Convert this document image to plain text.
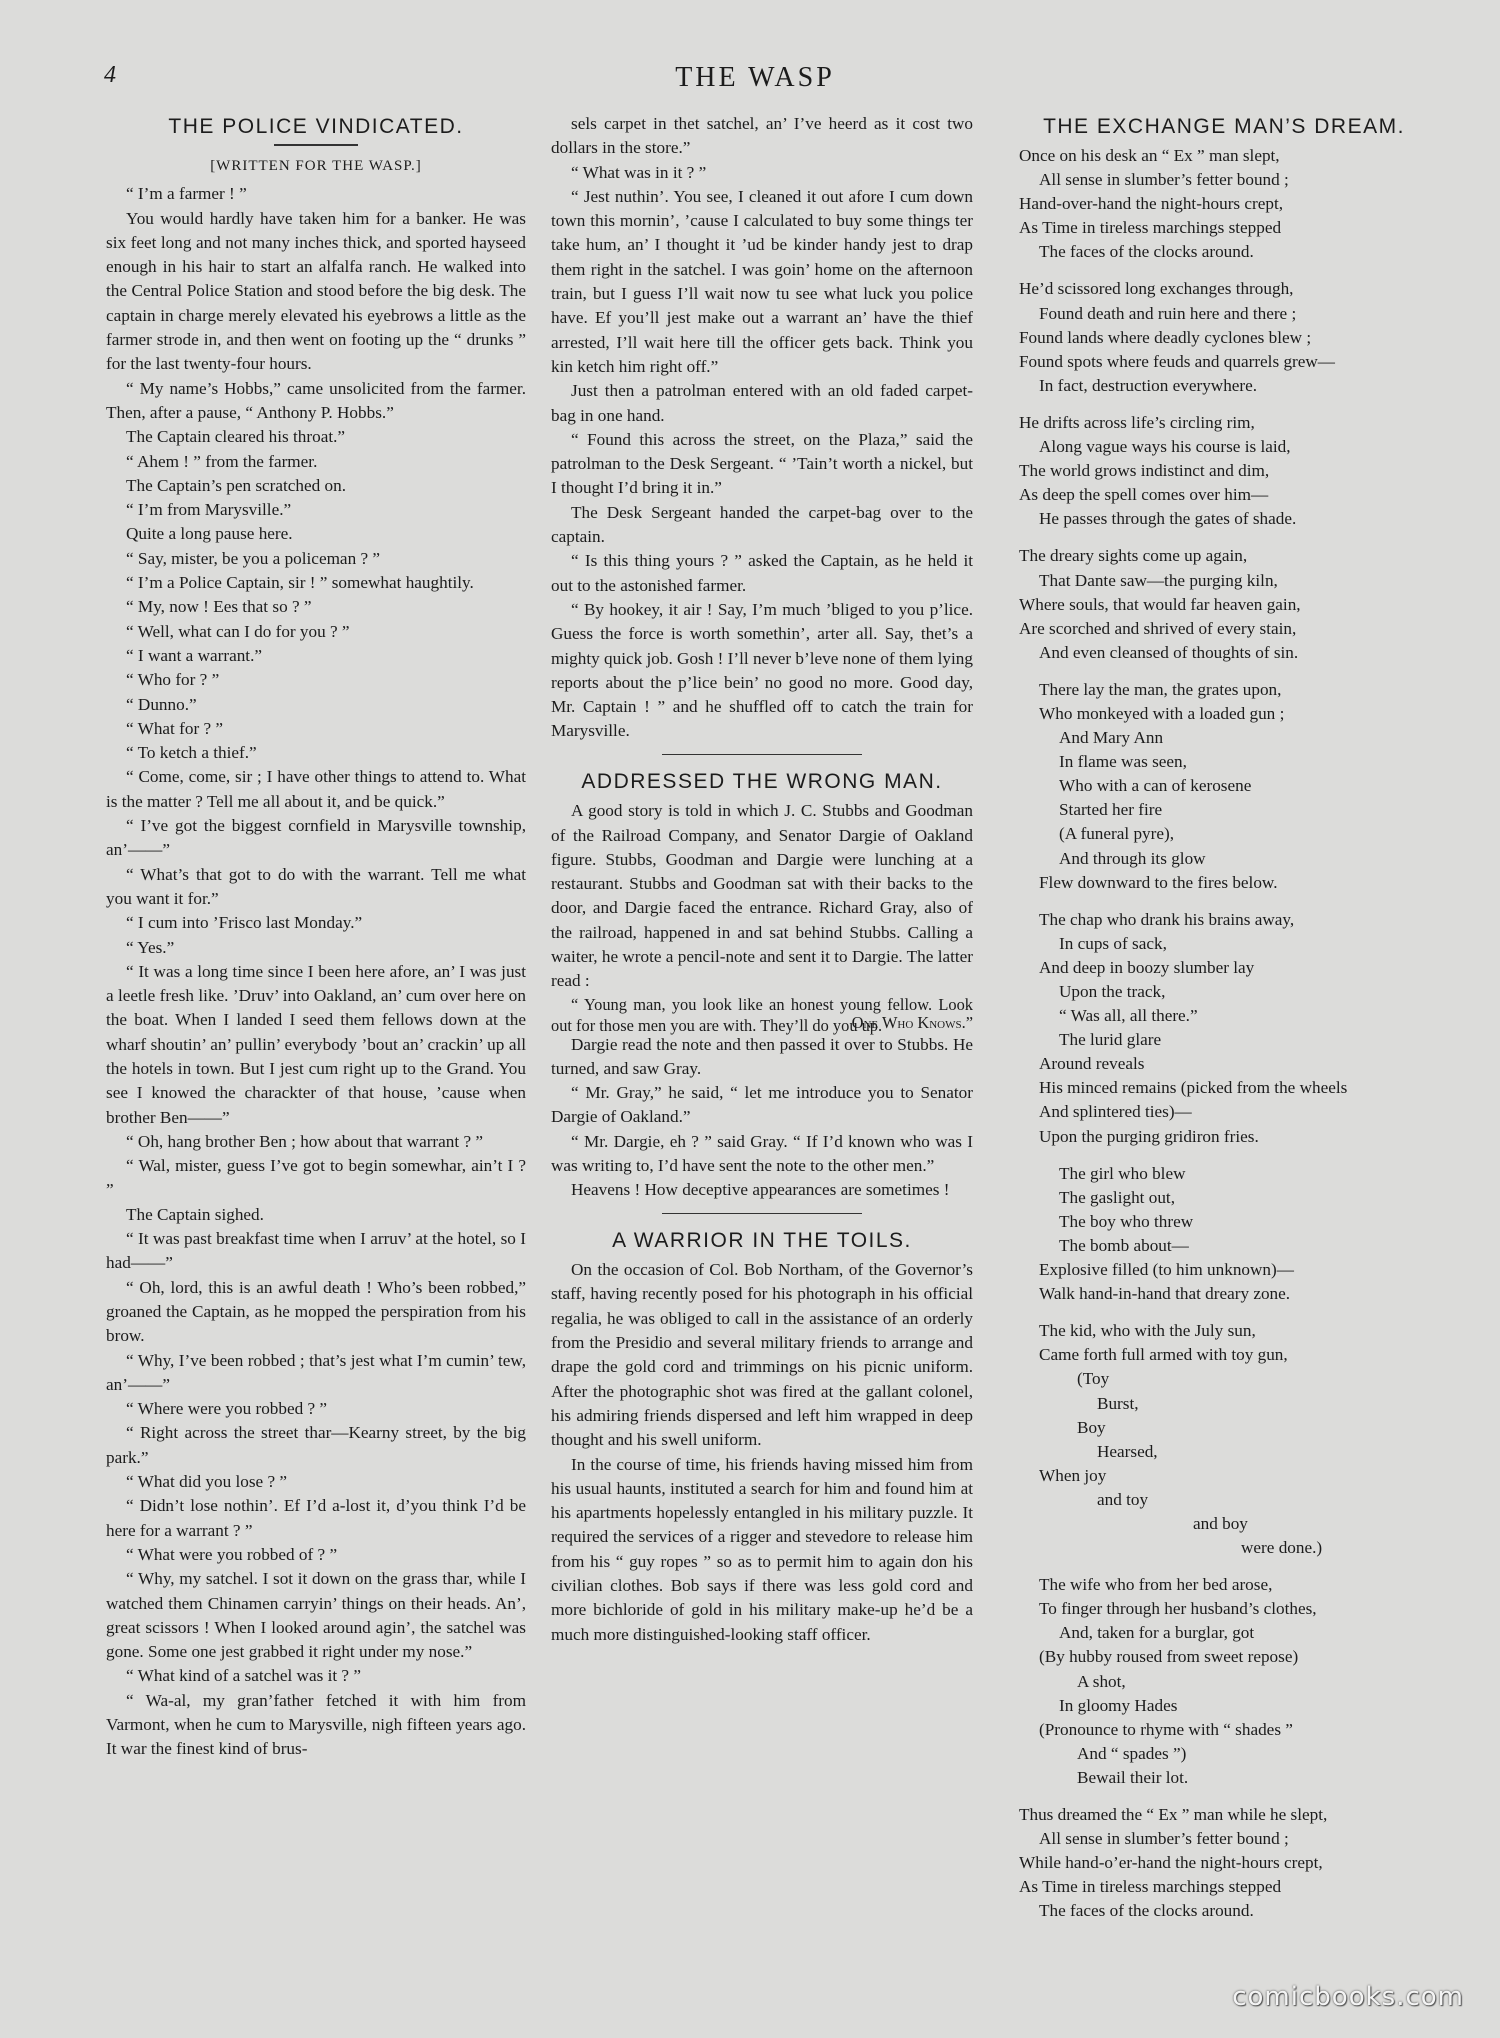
4	THE WASP
THE POLICE VINDICATED.
[WRITTEN FOR THE WASP.]

“ I’m a farmer ! ”

You would hardly have taken him for a banker. He was six feet long and not many inches thick, and sported hayseed enough in his hair to start an alfalfa ranch. He walked into the Central Police Station and stood before the big desk. The captain in charge merely elevated his eyebrows a little as the farmer strode in, and then went on footing up the “ drunks ” for the last twenty-four hours.

“ My name’s Hobbs,” came unsolicited from the farmer. Then, after a pause, “ Anthony P. Hobbs.”

The Captain cleared his throat.”

“ Ahem ! ” from the farmer.

The Captain’s pen scratched on.

“ I’m from Marysville.”

Quite a long pause here.

“ Say, mister, be you a policeman ? ”

“ I’m a Police Captain, sir ! ” somewhat haughtily.

“ My, now ! Ees that so ? ”

“ Well, what can I do for you ? ”

“ I want a warrant.”

“ Who for ? ”

“ Dunno.”

“ What for ? ”

“ To ketch a thief.”

“ Come, come, sir ; I have other things to attend to. What is the matter ? Tell me all about it, and be quick.”

“ I’ve got the biggest cornfield in Marysville township, an’——”

“ What’s that got to do with the warrant. Tell me what you want it for.”

“ I cum into ’Frisco last Monday.”

“ Yes.”

“ It was a long time since I been here afore, an’ I was just a leetle fresh like. ’Druv’ into Oakland, an’ cum over here on the boat. When I landed I seed them fellows down at the wharf shoutin’ an’ pullin’ everybody ’bout an’ crackin’ up all the hotels in town. But I jest cum right up to the Grand. You see I knowed the charackter of that house, ’cause when brother Ben——”

“ Oh, hang brother Ben ; how about that warrant ? ”

“ Wal, mister, guess I’ve got to begin somewhar, ain’t I ? ”

The Captain sighed.

“ It was past breakfast time when I arruv’ at the hotel, so I had——”

“ Oh, lord, this is an awful death ! Who’s been robbed,” groaned the Captain, as he mopped the perspiration from his brow.

“ Why, I’ve been robbed ; that’s jest what I’m cumin’ tew, an’——”

“ Where were you robbed ? ”

“ Right across the street thar—Kearny street, by the big park.”

“ What did you lose ? ”

“ Didn’t lose nothin’. Ef I’d a-lost it, d’you think I’d be here for a warrant ? ”

“ What were you robbed of ? ”

“ Why, my satchel. I sot it down on the grass thar, while I watched them Chinamen carryin’ things on their heads. An’, great scissors ! When I looked around agin’, the satchel was gone. Some one jest grabbed it right under my nose.”

“ What kind of a satchel was it ? ”

“ Wa-al, my gran’father fetched it with him from Varmont, when he cum to Marysville, nigh fifteen years ago. It war the finest kind of brus-

sels carpet in thet satchel, an’ I’ve heerd as it cost two dollars in the store.”

“ What was in it ? ”

“ Jest nuthin’. You see, I cleaned it out afore I cum down town this mornin’, ’cause I calculated to buy some things ter take hum, an’ I thought it ’ud be kinder handy jest to drap them right in the satchel. I was goin’ home on the afternoon train, but I guess I’ll wait now tu see what luck you police have. Ef you’ll jest make out a warrant an’ have the thief arrested, I’ll wait here till the officer gets back. Think you kin ketch him right off.”

Just then a patrolman entered with an old faded carpet-bag in one hand.

“ Found this across the street, on the Plaza,” said the patrolman to the Desk Sergeant. “ ’Tain’t worth a nickel, but I thought I’d bring it in.”

The Desk Sergeant handed the carpet-bag over to the captain.

“ Is this thing yours ? ” asked the Captain, as he held it out to the astonished farmer.

“ By hookey, it air ! Say, I’m much ’bliged to you p’lice. Guess the force is worth somethin’, arter all. Say, thet’s a mighty quick job. Gosh ! I’ll never b’leve none of them lying reports about the p’lice bein’ no good no more. Good day, Mr. Captain ! ” and he shuffled off to catch the train for Marysville.

ADDRESSED THE WRONG MAN.

A good story is told in which J. C. Stubbs and Goodman of the Railroad Company, and Senator Dargie of Oakland figure. Stubbs, Goodman and Dargie were lunching at a restaurant. Stubbs and Goodman sat with their backs to the door, and Dargie faced the entrance. Richard Gray, also of the railroad, happened in and sat behind Stubbs. Calling a waiter, he wrote a pencil-note and sent it to Dargie. The latter read :

“ Young man, you look like an honest young fellow. Look out for those men you are with. They’ll do you up.

One Who Knows.”

Dargie read the note and then passed it over to Stubbs. He turned, and saw Gray.

“ Mr. Gray,” he said, “ let me introduce you to Senator Dargie of Oakland.”

“ Mr. Dargie, eh ? ” said Gray. “ If I’d known who was I was writing to, I’d have sent the note to the other men.”

Heavens ! How deceptive appearances are sometimes !

A WARRIOR IN THE TOILS.

On the occasion of Col. Bob Northam, of the Governor’s staff, having recently posed for his photograph in his official regalia, he was obliged to call in the assistance of an orderly from the Presidio and several military friends to arrange and drape the gold cord and trimmings on his picnic uniform. After the photographic shot was fired at the gallant colonel, his admiring friends dispersed and left him wrapped in deep thought and his swell uniform.

In the course of time, his friends having missed him from his usual haunts, instituted a search for him and found him at his apartments hopelessly entangled in his military puzzle. It required the services of a rigger and stevedore to release him from his “ guy ropes ” so as to permit him to again don his civilian clothes. Bob says if there was less gold cord and more bichloride of gold in his military make-up he’d be a much more distinguished-looking staff officer.

THE EXCHANGE MAN’S DREAM.
Once on his desk an “ Ex ” man slept,
All sense in slumber’s fetter bound ;
Hand-over-hand the night-hours crept,
As Time in tireless marchings stepped
The faces of the clocks around.
He’d scissored long exchanges through,
Found death and ruin here and there ;
Found lands where deadly cyclones blew ;
Found spots where feuds and quarrels grew—
In fact, destruction everywhere.
He drifts across life’s circling rim,
Along vague ways his course is laid,
The world grows indistinct and dim,
As deep the spell comes over him—
He passes through the gates of shade.
The dreary sights come up again,
That Dante saw—the purging kiln,
Where souls, that would far heaven gain,
Are scorched and shrived of every stain,
And even cleansed of thoughts of sin.
There lay the man, the grates upon,
Who monkeyed with a loaded gun ;
And Mary Ann
In flame was seen,
Who with a can of kerosene
Started her fire
(A funeral pyre),
And through its glow
Flew downward to the fires below.
The chap who drank his brains away,
In cups of sack,
And deep in boozy slumber lay
Upon the track,
“ Was all, all there.”
The lurid glare
Around reveals
His minced remains (picked from the wheels
And splintered ties)—
Upon the purging gridiron fries.
The girl who blew
The gaslight out,
The boy who threw
The bomb about—
Explosive filled (to him unknown)—
Walk hand-in-hand that dreary zone.
The kid, who with the July sun,
Came forth full armed with toy gun,
(Toy
Burst,
Boy
Hearsed,
When joy
and toy
and boy
were done.)
The wife who from her bed arose,
To finger through her husband’s clothes,
And, taken for a burglar, got
(By hubby roused from sweet repose)
A shot,
In gloomy Hades
(Pronounce to rhyme with “ shades ”
And “ spades ”)
Bewail their lot.
Thus dreamed the “ Ex ” man while he slept,
All sense in slumber’s fetter bound ;
While hand-o’er-hand the night-hours crept,
As Time in tireless marchings stepped
The faces of the clocks around.
comicbooks.com
